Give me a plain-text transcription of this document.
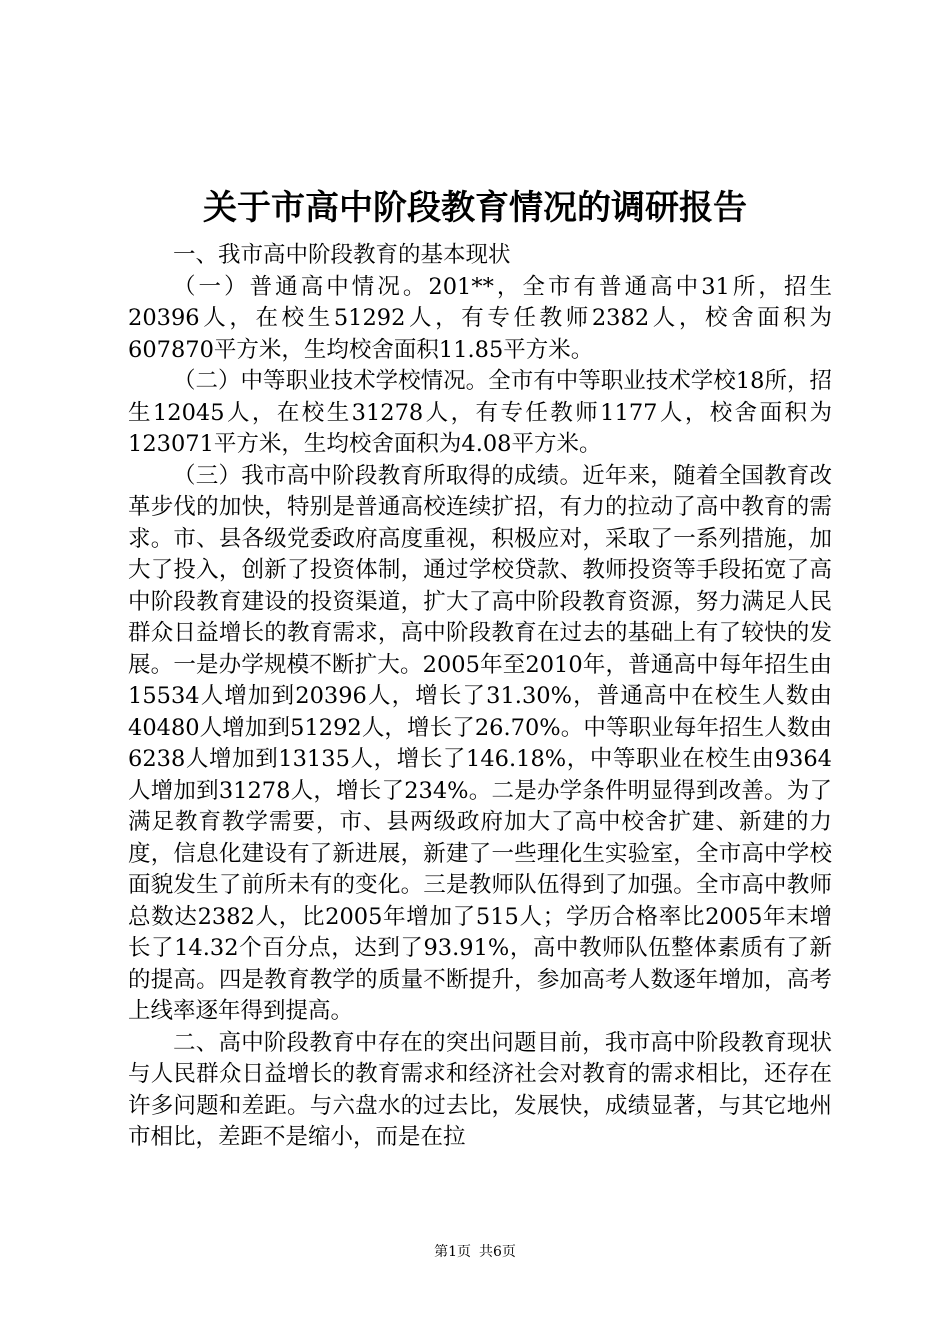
关于市高中阶段教育情况的调研报告

一、我市高中阶段教育的基本现状

（一）普通高中情况。201**，全市有普通高中31所，招生20396人，在校生51292人，有专任教师2382人，校舍面积为607870平方米，生均校舍面积11.85平方米。

（二）中等职业技术学校情况。全市有中等职业技术学校18所，招生12045人，在校生31278人，有专任教师1177人，校舍面积为123071平方米，生均校舍面积为4.08平方米。

（三）我市高中阶段教育所取得的成绩。近年来，随着全国教育改革步伐的加快，特别是普通高校连续扩招，有力的拉动了高中教育的需求。市、县各级党委政府高度重视，积极应对，采取了一系列措施，加大了投入，创新了投资体制，通过学校贷款、教师投资等手段拓宽了高中阶段教育建设的投资渠道，扩大了高中阶段教育资源，努力满足人民群众日益增长的教育需求，高中阶段教育在过去的基础上有了较快的发展。一是办学规模不断扩大。2005年至2010年，普通高中每年招生由15534人增加到20396人，增长了31.30%，普通高中在校生人数由40480人增加到51292人，增长了26.70%。中等职业每年招生人数由6238人增加到13135人，增长了146.18%，中等职业在校生由9364人增加到31278人，增长了234%。二是办学条件明显得到改善。为了满足教育教学需要，市、县两级政府加大了高中校舍扩建、新建的力度，信息化建设有了新进展，新建了一些理化生实验室，全市高中学校面貌发生了前所未有的变化。三是教师队伍得到了加强。全市高中教师总数达2382人，比2005年增加了515人；学历合格率比2005年末增长了14.32个百分点，达到了93.91%，高中教师队伍整体素质有了新的提高。四是教育教学的质量不断提升，参加高考人数逐年增加，高考上线率逐年得到提高。

二、高中阶段教育中存在的突出问题目前，我市高中阶段教育现状与人民群众日益增长的教育需求和经济社会对教育的需求相比，还存在许多问题和差距。与六盘水的过去比，发展快，成绩显著，与其它地州市相比，差距不是缩小，而是在拉

第1页 共6页
